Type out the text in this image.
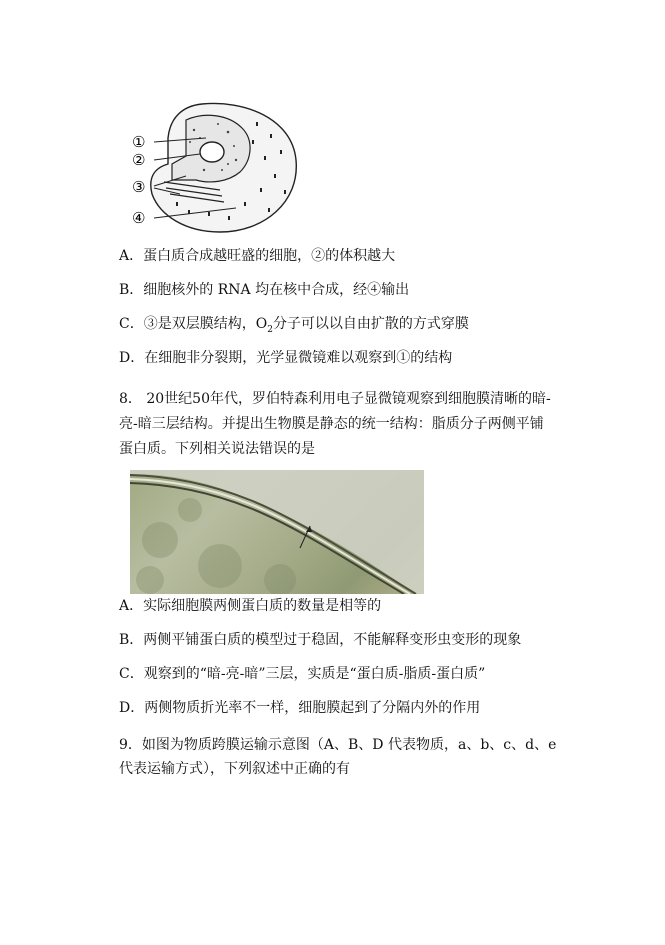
①
②
③
④
A．蛋白质合成越旺盛的细胞，②的体积越大
B．细胞核外的 RNA 均在核中合成，经④输出
C．③是双层膜结构，$O_2$分子可以以自由扩散的方式穿膜
D．在细胞非分裂期，光学显微镜难以观察到①的结构
8． 20世纪50年代，罗伯特森利用电子显微镜观察到细胞膜清晰的暗-
亮-暗三层结构。并提出生物膜是静态的统一结构：脂质分子两侧平铺
蛋白质。下列相关说法错误的是
A．实际细胞膜两侧蛋白质的数量是相等的
B．两侧平铺蛋白质的模型过于稳固，不能解释变形虫变形的现象
C．观察到的“暗-亮-暗”三层，实质是“蛋白质-脂质-蛋白质”
D．两侧物质折光率不一样，细胞膜起到了分隔内外的作用
9．如图为物质跨膜运输示意图（A、B、D 代表物质，a、b、c、d、e
代表运输方式），下列叙述中正确的有
